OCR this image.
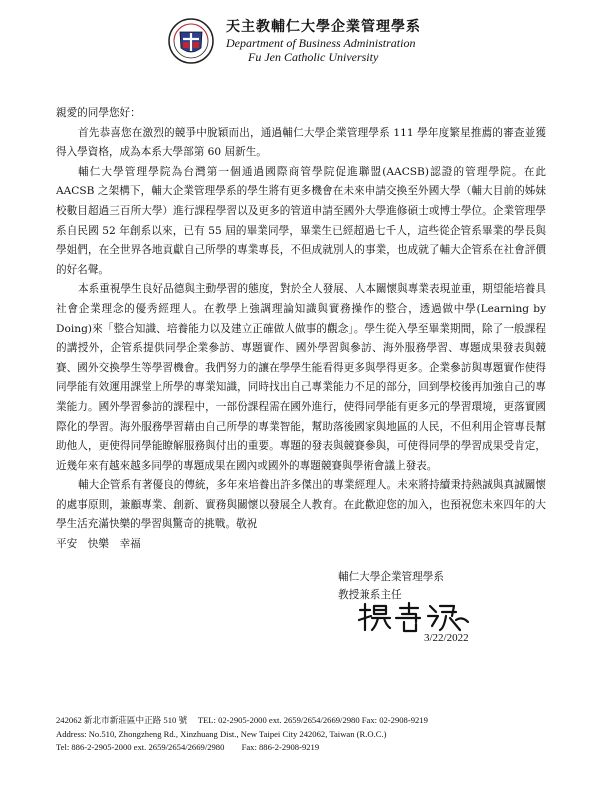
天主教輔仁大學企業管理學系
Department of Business Administration
Fu Jen Catholic University

親愛的同學您好：

首先恭喜您在激烈的競爭中脫穎而出，通過輔仁大學企業管理學系 111 學年度繁星推薦的審查並獲得入學資格，成為本系大學部第 60 屆新生。

輔仁大學管理學院為台灣第一個通過國際商管學院促進聯盟(AACSB)認證的管理學院。在此 AACSB 之架構下，輔大企業管理學系的學生將有更多機會在未來申請交換至外國大學（輔大目前的姊妹校數目超過三百所大學）進行課程學習以及更多的管道申請至國外大學進修碩士或博士學位。企業管理學系自民國 52 年創系以來，已有 55 屆的畢業同學，畢業生已經超過七千人，這些從企管系畢業的學長與學姐們，在全世界各地貢獻自己所學的專業專長，不但成就別人的事業，也成就了輔大企管系在社會評價的好名聲。

本系重視學生良好品德與主動學習的態度，對於全人發展、人本關懷與專業表現並重，期望能培養具社會企業理念的優秀經理人。在教學上強調理論知識與實務操作的整合，透過做中學(Learning by Doing)來「整合知識、培養能力以及建立正確做人做事的觀念」。學生從入學至畢業期間，除了一般課程的講授外，企管系提供同學企業參訪、專題實作、國外學習與參訪、海外服務學習、專題成果發表與競賽、國外交換學生等學習機會。我們努力的讓在學學生能看得更多與學得更多。企業參訪與專題實作使得同學能有效運用課堂上所學的專業知識，同時找出自己專業能力不足的部分，回到學校後再加強自己的專業能力。國外學習參訪的課程中，一部份課程需在國外進行，使得同學能有更多元的學習環境，更落實國際化的學習。海外服務學習藉由自己所學的專業智能，幫助落後國家與地區的人民，不但利用企管專長幫助他人，更使得同學能瞭解服務與付出的重要。專題的發表與競賽參與，可使得同學的學習成果受肯定，近幾年來有越來越多同學的專題成果在國內或國外的專題競賽與學術會議上發表。

輔大企管系有著優良的傳統，多年來培養出許多傑出的專業經理人。未來將持續秉持熱誠與真誠關懷的處事原則，兼顧專業、創新、實務與關懷以發展全人教育。在此歡迎您的加入，也預祝您未來四年的大學生活充滿快樂的學習與驚奇的挑戰。敬祝

平安　快樂　幸福

輔仁大學企業管理學系
教授兼系主任
3/22/2022
242062 新北市新莊區中正路 510 號　 TEL: 02-2905-2000 ext. 2659/2654/2669/2980 Fax: 02-2908-9219
Address: No.510, Zhongzheng Rd., Xinzhuang Dist., New Taipei City 242062, Taiwan (R.O.C.)
Tel: 886-2-2905-2000 ext. 2659/2654/2669/2980　　Fax: 886-2-2908-9219
